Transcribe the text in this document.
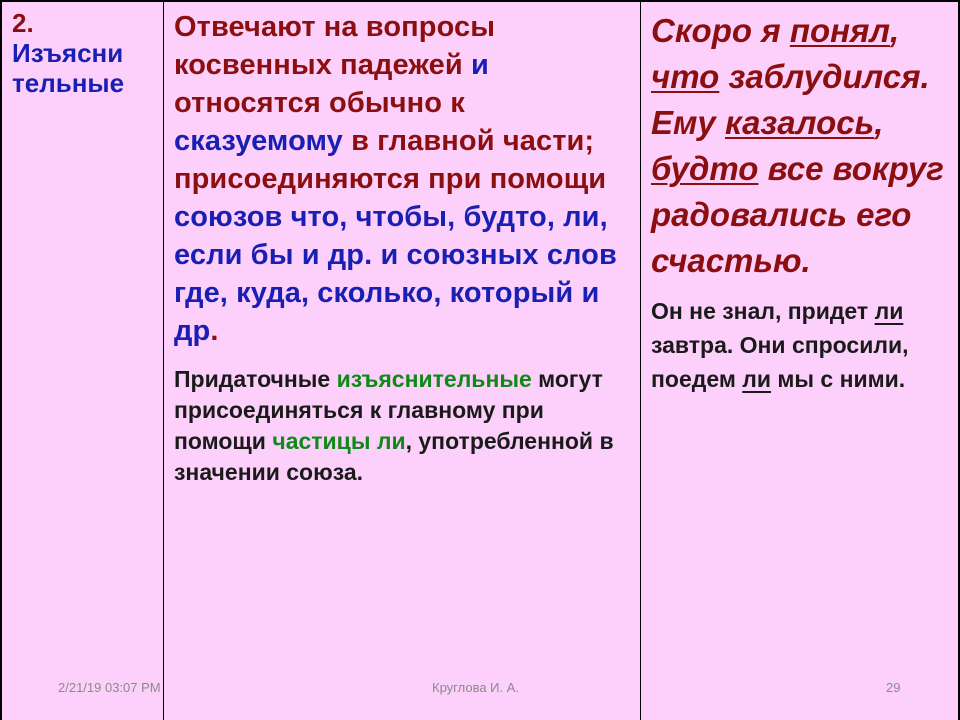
2.
Изъясни
тельные
Отвечают на вопросы косвенных падежей и относятся обычно к сказуемому в главной части; присоединяются при помощи союзов что, чтобы, будто, ли, если бы и др. и союзных слов где, куда, сколько, который и др.
Придаточные изъяснительные могут присоединяться к главному при помощи частицы ли, употребленной в значении союза.
Скоро я понял, что заблудился. Ему казалось, будто все вокруг радовались его счастью.
Он не знал, придет ли завтра. Они спросили, поедем ли мы с ними.
2/21/19 03:07 PM	Круглова И. А.	29
